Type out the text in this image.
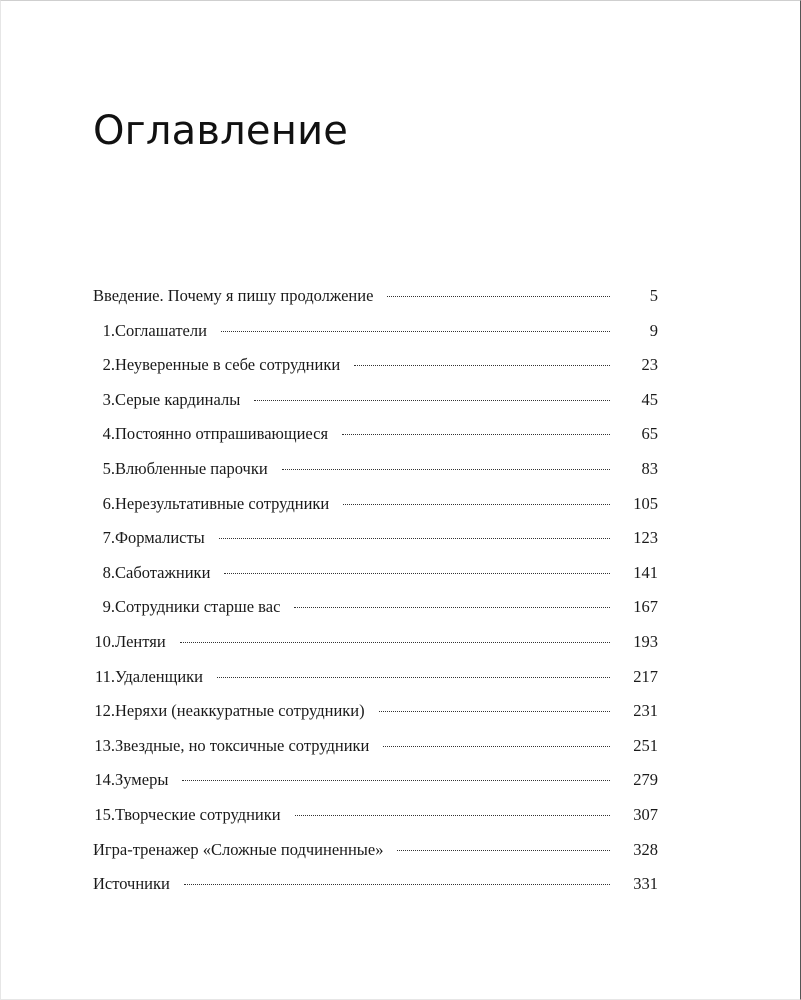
Оглавление
Введение. Почему я пишу продолжение	5
1. Соглашатели	9
2. Неуверенные в себе сотрудники	23
3. Серые кардиналы	45
4. Постоянно отпрашивающиеся	65
5. Влюбленные парочки	83
6. Нерезультативные сотрудники	105
7. Формалисты	123
8. Саботажники	141
9. Сотрудники старше вас	167
10. Лентяи	193
11. Удаленщики	217
12. Неряхи (неаккуратные сотрудники)	231
13. Звездные, но токсичные сотрудники	251
14. Зумеры	279
15. Творческие сотрудники	307
Игра-тренажер «Сложные подчиненные»	328
Источники	331
